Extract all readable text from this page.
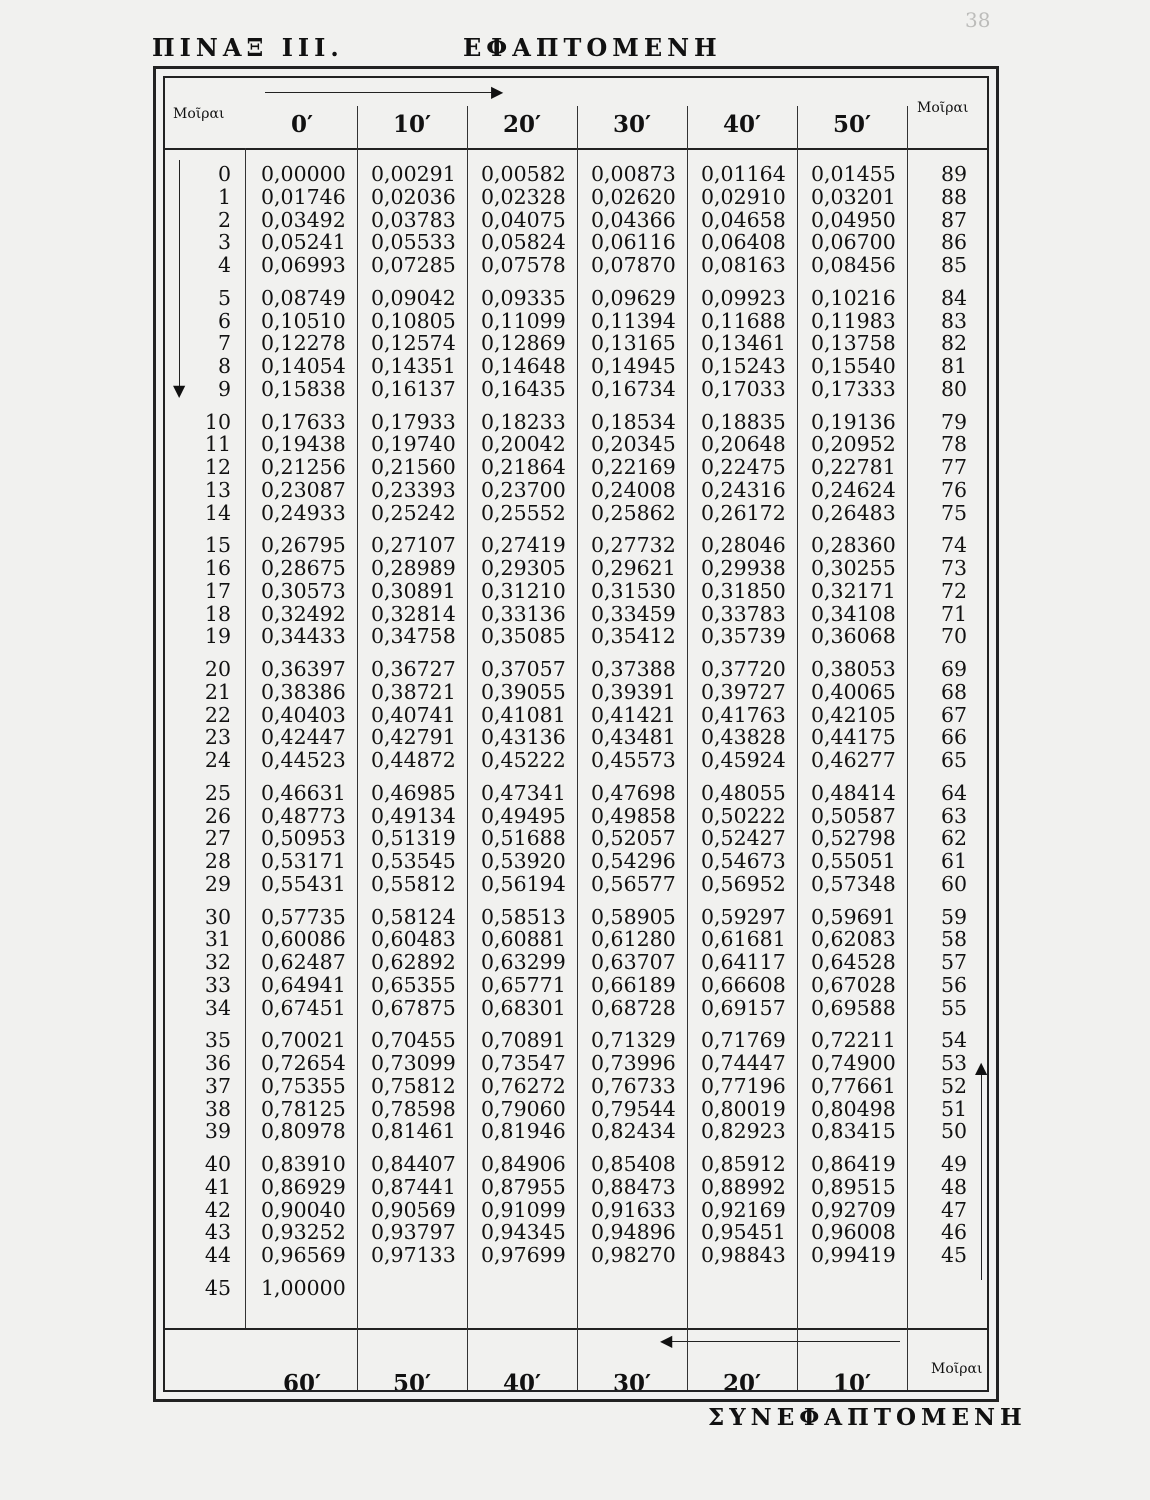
38
ΠΙΝΑΞ ΙΙΙ.	ΕΦΑΠΤΟΜΕΝΗ
Μοῖραι	Μοῖραι
Μοῖραι
▶
◀
▼
▲
0′	10′	20′	30′	40′	50′
60′	50′	40′	30′	20′	10′
0 0,00000 0,00291 0,00582 0,00873 0,01164 0,01455 89
1 0,01746 0,02036 0,02328 0,02620 0,02910 0,03201 88
2 0,03492 0,03783 0,04075 0,04366 0,04658 0,04950 87
3 0,05241 0,05533 0,05824 0,06116 0,06408 0,06700 86
4 0,06993 0,07285 0,07578 0,07870 0,08163 0,08456 85
5 0,08749 0,09042 0,09335 0,09629 0,09923 0,10216 84
6 0,10510 0,10805 0,11099 0,11394 0,11688 0,11983 83
7 0,12278 0,12574 0,12869 0,13165 0,13461 0,13758 82
8 0,14054 0,14351 0,14648 0,14945 0,15243 0,15540 81
9 0,15838 0,16137 0,16435 0,16734 0,17033 0,17333 80
10 0,17633 0,17933 0,18233 0,18534 0,18835 0,19136 79
11 0,19438 0,19740 0,20042 0,20345 0,20648 0,20952 78
12 0,21256 0,21560 0,21864 0,22169 0,22475 0,22781 77
13 0,23087 0,23393 0,23700 0,24008 0,24316 0,24624 76
14 0,24933 0,25242 0,25552 0,25862 0,26172 0,26483 75
15 0,26795 0,27107 0,27419 0,27732 0,28046 0,28360 74
16 0,28675 0,28989 0,29305 0,29621 0,29938 0,30255 73
17 0,30573 0,30891 0,31210 0,31530 0,31850 0,32171 72
18 0,32492 0,32814 0,33136 0,33459 0,33783 0,34108 71
19 0,34433 0,34758 0,35085 0,35412 0,35739 0,36068 70
20 0,36397 0,36727 0,37057 0,37388 0,37720 0,38053 69
21 0,38386 0,38721 0,39055 0,39391 0,39727 0,40065 68
22 0,40403 0,40741 0,41081 0,41421 0,41763 0,42105 67
23 0,42447 0,42791 0,43136 0,43481 0,43828 0,44175 66
24 0,44523 0,44872 0,45222 0,45573 0,45924 0,46277 65
25 0,46631 0,46985 0,47341 0,47698 0,48055 0,48414 64
26 0,48773 0,49134 0,49495 0,49858 0,50222 0,50587 63
27 0,50953 0,51319 0,51688 0,52057 0,52427 0,52798 62
28 0,53171 0,53545 0,53920 0,54296 0,54673 0,55051 61
29 0,55431 0,55812 0,56194 0,56577 0,56952 0,57348 60
30 0,57735 0,58124 0,58513 0,58905 0,59297 0,59691 59
31 0,60086 0,60483 0,60881 0,61280 0,61681 0,62083 58
32 0,62487 0,62892 0,63299 0,63707 0,64117 0,64528 57
33 0,64941 0,65355 0,65771 0,66189 0,66608 0,67028 56
34 0,67451 0,67875 0,68301 0,68728 0,69157 0,69588 55
35 0,70021 0,70455 0,70891 0,71329 0,71769 0,72211 54
36 0,72654 0,73099 0,73547 0,73996 0,74447 0,74900 53
37 0,75355 0,75812 0,76272 0,76733 0,77196 0,77661 52
38 0,78125 0,78598 0,79060 0,79544 0,80019 0,80498 51
39 0,80978 0,81461 0,81946 0,82434 0,82923 0,83415 50
40 0,83910 0,84407 0,84906 0,85408 0,85912 0,86419 49
41 0,86929 0,87441 0,87955 0,88473 0,88992 0,89515 48
42 0,90040 0,90569 0,91099 0,91633 0,92169 0,92709 47
43 0,93252 0,93797 0,94345 0,94896 0,95451 0,96008 46
44 0,96569 0,97133 0,97699 0,98270 0,98843 0,99419 45
45 1,00000
ΣΥΝΕΦΑΠΤΟΜΕΝΗ
